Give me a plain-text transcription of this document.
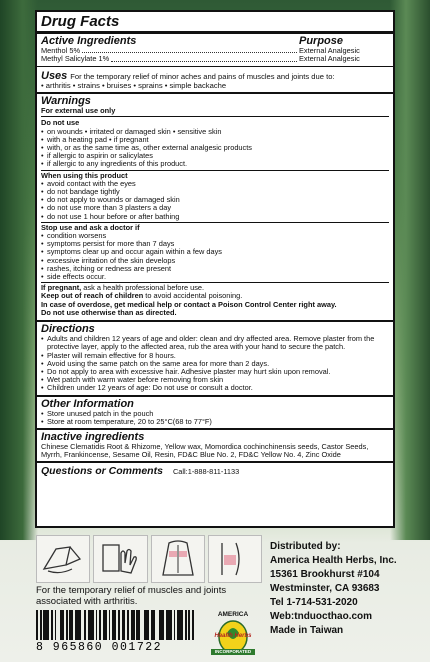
Drug Facts
Active Ingredients	Purpose
Menthol 5%	External Analgesic
Methyl Salicylate 1%	External Analgesic
Uses For the temporary relief of minor aches and pains of muscles and joints due to:
• arthritis • strains • bruises • sprains • simple backache
Warnings
For external use only
Do not use
• on wounds • irritated or damaged skin • sensitive skin
• with a heating pad • if pregnant
• with, or as the same time as, other external analgesic products
• if allergic to aspirin or salicylates
• if allergic to any ingredients of this product.
When using this product
• avoid contact with the eyes
• do not bandage tightly
• do not apply to wounds or damaged skin
• do not use more than 3 plasters a day
• do not use 1 hour before or after bathing
Stop use and ask a doctor if
• condition worsens
• symptoms persist for more than 7 days
• symptoms clear up and occur again within a few days
• excessive irritation of the skin develops
• rashes, itching or redness are present
• side effects occur.
If pregnant, ask a health professional before use.
Keep out of reach of children to avoid accidental poisoning.
In case of overdose, get medical help or contact a Poison Control Center right away.
Do not use otherwise than as directed.
Directions
• Adults and children 12 years of age and older: clean and dry affected area. Remove plaster from the protective layer, apply to the affected area, rub the area with your hand to secure the patch.
• Plaster will remain effective for 8 hours.
• Avoid using the same patch on the same area for more than 2 days.
• Do not apply to area with excessive hair. Adhesive plaster may hurt skin upon removal.
• Wet patch with warm water before removing from skin
• Children under 12 years of age: Do not use or consult a doctor.
Other Information
• Store unused patch in the pouch
• Store at room temperature, 20 to 25°C(68 to 77°F)
Inactive ingredients
Chinese Clematidis Root & Rhizome, Yellow wax, Momordica cochinchinensis seeds, Castor Seeds, Myrrh, Frankincense, Sesame Oil, Resin, FD&C Blue No. 2, FD&C Yellow No. 4, Zinc Oxide
Questions or Comments Call:1-888-811-1133
For the temporary relief of muscles and joints associated with arthritis.
8 965860 001722
AMERICA
Health Herbs
INCORPORATED
Distributed by:
America Health Herbs, Inc.
15361 Brookhurst #104
Westminster, CA 93683
Tel 1-714-531-2020
Web:tnduocthao.com
Made in Taiwan
